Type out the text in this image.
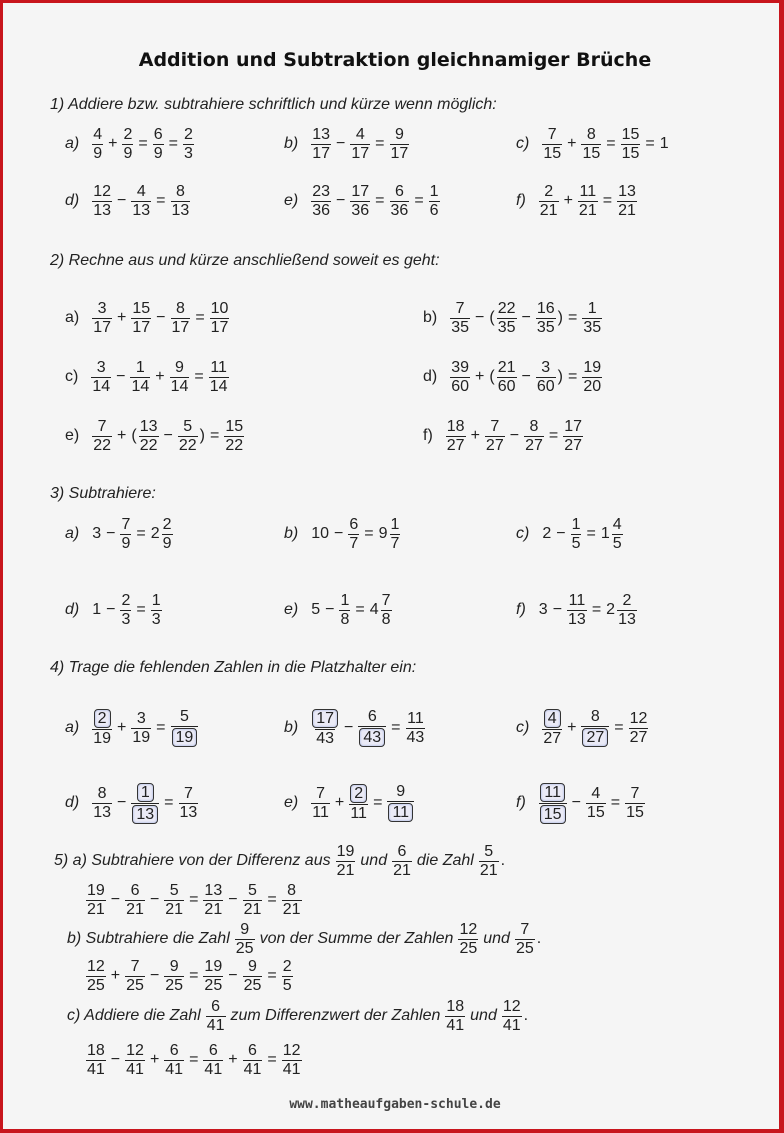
Addition und Subtraktion gleichnamiger Brüche
1) Addiere bzw. subtrahiere schriftlich und kürze wenn möglich:
2) Rechne aus und kürze anschließend soweit es geht:
3) Subtrahiere:
4) Trage die fehlenden Zahlen in die Platzhalter ein:
$a) \frac{4}{9} + \frac{2}{9} = \frac{6}{9} = \frac{2}{3}$	$b) \frac{13}{17} - \frac{4}{17} = \frac{9}{17}$	$c) \frac{7}{15} + \frac{8}{15} = \frac{15}{15} = 1$
$d) \frac{12}{13} - \frac{4}{13} = \frac{8}{13}$	$e) \frac{23}{36} - \frac{17}{36} = \frac{6}{36} = \frac{1}{6}$	$f) \frac{2}{21} + \frac{11}{21} = \frac{13}{21}$
$a) \frac{3}{17} + \frac{15}{17} - \frac{8}{17} = \frac{10}{17}$	$b) \frac{7}{35}$ − ( $\frac{22}{35} - \frac{16}{35}$ ) = $\frac{1}{35}$
$c) \frac{3}{14} - \frac{1}{14} + \frac{9}{14} = \frac{11}{14}$	$d) \frac{39}{60}$ + ( $\frac{21}{60} - \frac{3}{60}$ ) = $\frac{19}{20}$
$e) \frac{7}{22}$ + ( $\frac{13}{22} - \frac{5}{22}$ ) = $\frac{15}{22}$	$f) \frac{18}{27} + \frac{7}{27} - \frac{8}{27} = \frac{17}{27}$
a) $3 - \frac{7}{9} = 2 \frac{2}{9}$	b) $10 - \frac{6}{7} = 9 \frac{1}{7}$	c) $2 - \frac{1}{5} = 1 \frac{4}{5}$
d) $1 - \frac{2}{3} = \frac{1}{3}$	e) $5 - \frac{1}{8} = 4 \frac{7}{8}$	f) $3 - \frac{11}{13} = 2 \frac{2}{13}$
$a) \frac{2}{19} + \frac{3}{19} = \frac{5}{19}$	$b) \frac{17}{43} - \frac{6}{43} = \frac{11}{43}$	$c) \frac{4}{27} + \frac{8}{27} = \frac{12}{27}$
$d) \frac{8}{13} - \frac{1}{13} = \frac{7}{13}$	$e) \frac{7}{11} + \frac{2}{11} = \frac{9}{11}$	$f) \frac{11}{15} - \frac{4}{15} = \frac{7}{15}$
5) a) Subtrahiere von der Differenz aus $\frac{19}{21}$ und $\frac{6}{21}$ die Zahl $\frac{5}{21}$ .
$\frac{19}{21} - \frac{6}{21} - \frac{5}{21} = \frac{13}{21} - \frac{5}{21} = \frac{8}{21}$
b) Subtrahiere die Zahl $\frac{9}{25}$ von der Summe der Zahlen $\frac{12}{25}$ und $\frac{7}{25}$ .
$\frac{12}{25} + \frac{7}{25} - \frac{9}{25} = \frac{19}{25} - \frac{9}{25} = \frac{2}{5}$
c) Addiere die Zahl $\frac{6}{41}$ zum Differenzwert der Zahlen $\frac{18}{41}$ und $\frac{12}{41}$ .
$\frac{18}{41} - \frac{12}{41} + \frac{6}{41} = \frac{6}{41} + \frac{6}{41} = \frac{12}{41}$
www.matheaufgaben-schule.de
